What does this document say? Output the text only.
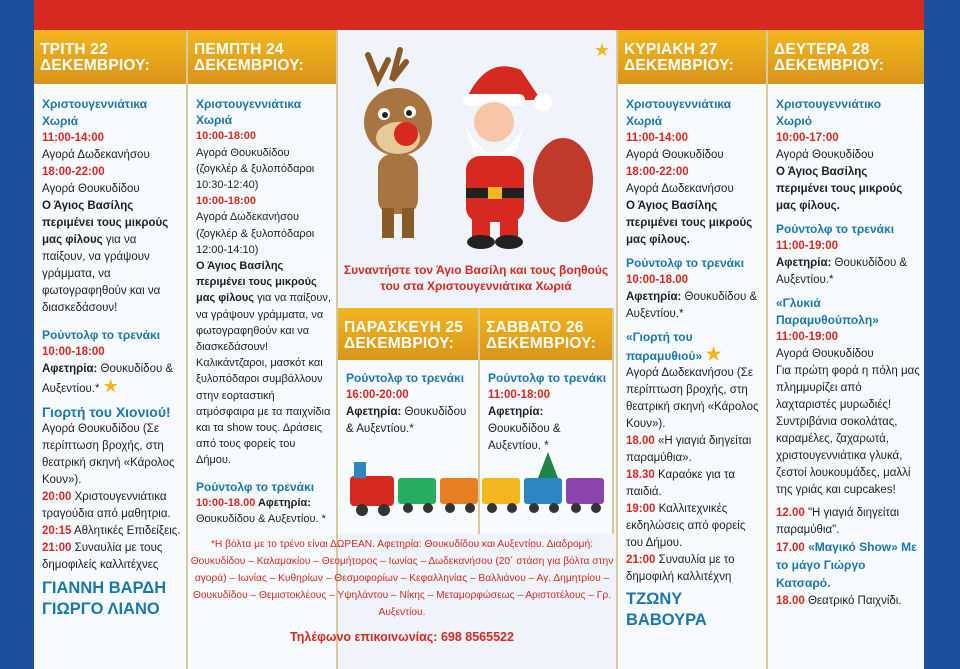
ΤΡΙΤΗ 22
ΔΕΚΕΜΒΡΙΟΥ:
Χριστουγεννιάτικα Χωριά
11:00-14:00
Αγορά Δωδεκανήσου
18:00-22:00
Αγορά Θουκυδίδου
Ο Άγιος Βασίλης περιμένει τους μικρούς μας φίλους για να παίξουν, να γράψουν γράμματα, να φωτογραφηθούν και να διασκεδάσουν!
Ρούντολφ το τρενάκι
10:00-18:00
Αφετηρία: Θουκυδίδου & Αυξεντίου.* ★
Γιορτή του Χιονιού!
Αγορά Θουκυδίδου (Σε περίπτωση βροχής, στη θεατρική σκηνή «Κάρολος Κουν»).
20:00 Χριστουγεννιάτικα τραγούδια από μαθητρια.
20:15 Αθλητικές Επιδείξεις.
21:00 Συναυλία με τους δημοφιλείς καλλιτέχνες
ΓΙΑΝΝΗ ΒΑΡΔΗ
ΓΙΩΡΓΟ ΛΙΑΝΟ
ΠΕΜΠΤΗ 24
ΔΕΚΕΜΒΡΙΟΥ:
Χριστουγεννιάτικα Χωριά
10:00-18:00
Αγορά Θουκυδίδου (ζογκλέρ & ξυλοπόδαροι 10:30-12:40)
10:00-18:00
Αγορά Δωδεκανήσου (ζογκλέρ & ξυλοπόδαροι 12:00-14:10)
Ο Άγιος Βασίλης περιμένει τους μικρούς μας φίλους για να παίξουν, να γράψουν γράμματα, να φωτογραφηθούν και να διασκεδάσουν! Καλικάντζαροι, μασκότ και ξυλοπόδαροι συμβάλλουν στην εορταστική ατμόσφαιρα με τα παιχνίδια και τα show τους. Δράσεις από τους φορείς του Δήμου.
Ρούντολφ το τρενάκι
10:00-18.00 Αφετηρία: Θουκυδίδου & Αυξεντίου. *
★
Συναντήστε τον Άγιο Βασίλη και τους βοηθούς του στα Χριστουγεννιάτικα Χωριά
ΠΑΡΑΣΚΕΥΗ 25
ΔΕΚΕΜΒΡΙΟΥ:
Ρούντολφ το τρενάκι
16:00-20:00
Αφετηρία: Θουκυδίδου & Αυξεντίου.*
ΣΑΒΒΑΤΟ 26
ΔΕΚΕΜΒΡΙΟΥ:
Ρούντολφ το τρενάκι
11:00-18:00
Αφετηρία: Θουκυδίδου & Αυξεντίου. *
*Η βόλτα με το τρένο είναι ΔΩΡΕΑΝ. Αφετηρία: Θουκυδίδου και Αυξεντίου. Διαδρομή: Θουκυδίδου – Καλαμακίου – Θεομήτορος – Ιωνίας – Δωδεκανήσου (20΄ στάση για βόλτα στην αγορά) – Ιωνίας – Κυθηρίων – Θεσμοφορίων – Κεφαλληνίας – Βαλλιάνου – Αγ. Δημητρίου – Θουκυδίδου – Θεμιστοκλέους – Υψηλάντου – Νίκης – Μεταμορφώσεως – Αριστοτέλους – Γρ. Αυξεντίου.
Τηλέφωνο επικοινωνίας: 698 8565522
ΚΥΡΙΑΚΗ 27
ΔΕΚΕΜΒΡΙΟΥ:
Χριστουγεννιάτικα Χωριά
11:00-14:00
Αγορά Θουκυδίδου
18:00-22:00
Αγορά Δωδεκανήσου
Ο Άγιος Βασίλης περιμένει τους μικρούς μας φίλους.
Ρούντολφ το τρενάκι
10:00-18.00
Αφετηρία: Θουκυδίδου & Αυξεντίου.*
«Γιορτή του παραμυθιού» ★
Αγορά Δωδεκανήσου (Σε περίπτωση βροχής, στη θεατρική σκηνή «Κάρολος Κουν»).
18.00 «Η γιαγιά διηγείται παραμύθια».
18.30 Καραόκε για τα παιδιά.
19:00 Καλλιτεχνικές εκδηλώσεις από φορείς του Δήμου.
21:00 Συναυλία με το δημοφιλή καλλιτέχνη
ΤΖΩΝΥ
ΒΑΒΟΥΡΑ
ΔΕΥΤΕΡΑ 28
ΔΕΚΕΜΒΡΙΟΥ:
Χριστουγεννιάτικο Χωριό
10:00-17:00
Αγορά Θουκυδίδου
Ο Άγιος Βασίλης περιμένει τους μικρούς μας φίλους.
Ρούντολφ το τρενάκι
11:00-19:00
Αφετηρία: Θουκυδίδου & Αυξεντίου.*
«Γλυκιά Παραμυθούπολη»
11:00-19:00
Αγορά Θουκυδίδου
Για πρώτη φορά η πόλη μας πλημμυρίζει από λαχταριστές μυρωδιές! Συντριβάνια σοκολάτας, καραμέλες, ζαχαρωτά, χριστουγεννιάτικα γλυκά, ζεστοί λουκουμάδες, μαλλί της γριάς και cupcakes!
12.00 "Η γιαγιά διηγείται παραμύθια".
17.00 «Μαγικό Show» Με το μάγο Γιώργο Κατσαρό.
18.00 Θεατρικό Παιχνίδι.
